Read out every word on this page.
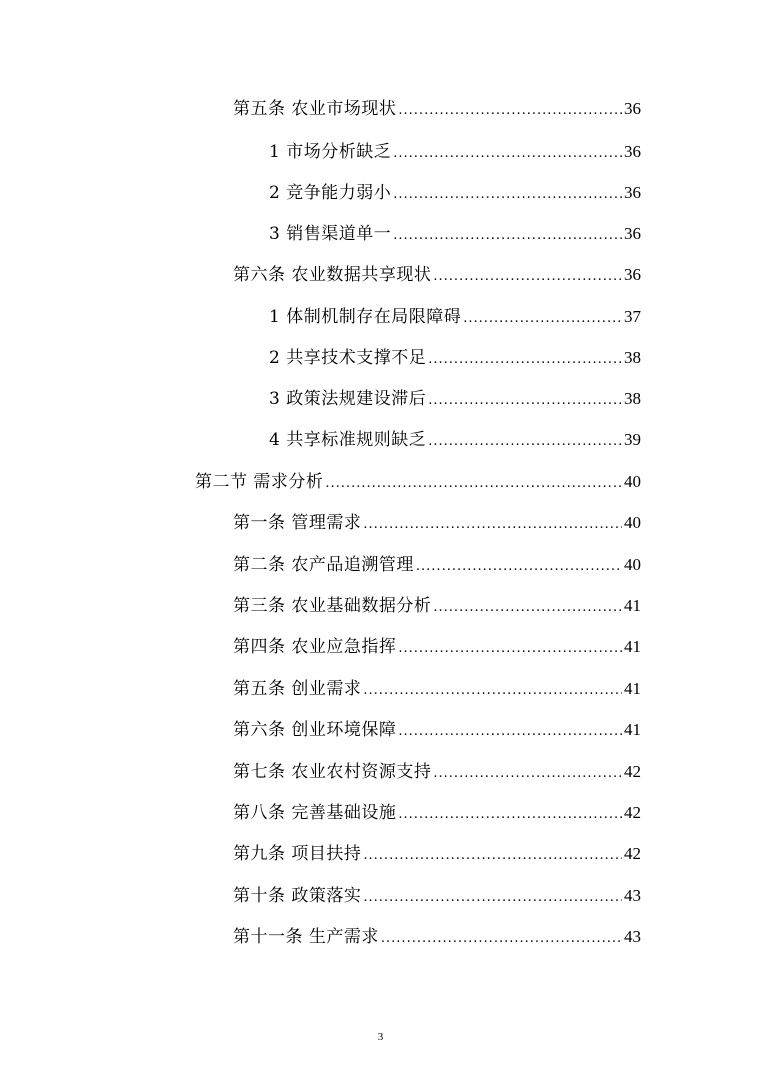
第五条 农业市场现状 .....	36
1 市场分析缺乏 .....	36
2 竞争能力弱小 .....	36
3 销售渠道单一 .....	36
第六条 农业数据共享现状 .....	36
1 体制机制存在局限障碍 .....	37
2 共享技术支撑不足 .....	38
3 政策法规建设滞后 .....	38
4 共享标准规则缺乏 .....	39
第二节 需求分析 .....	40
第一条 管理需求 .....	40
第二条 农产品追溯管理 .....	40
第三条 农业基础数据分析 .....	41
第四条 农业应急指挥 .....	41
第五条 创业需求 .....	41
第六条 创业环境保障 .....	41
第七条 农业农村资源支持 .....	42
第八条 完善基础设施 .....	42
第九条 项目扶持 .....	42
第十条 政策落实 .....	43
第十一条 生产需求 .....	43
3
